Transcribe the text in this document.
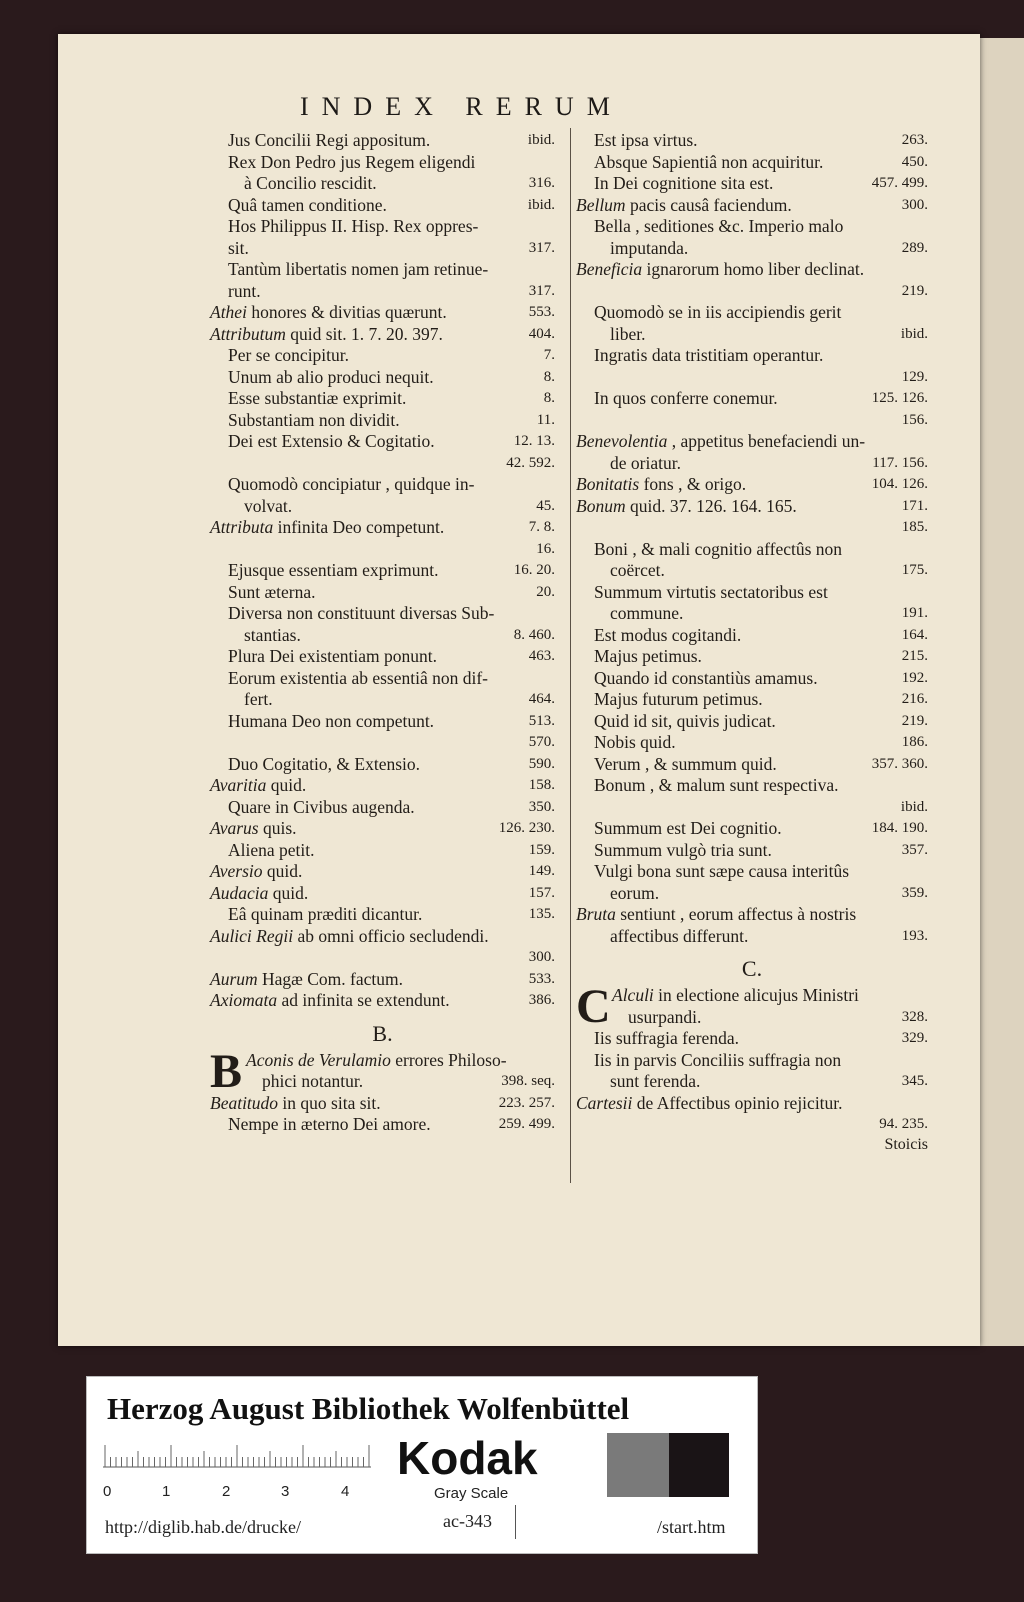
INDEX RERUM
Jus Concilii Regi appositum.	ibid.
Rex Don Pedro jus Regem eligendi
à Concilio rescidit.	316.
Quâ tamen conditione.	ibid.
Hos Philippus II. Hisp. Rex oppres-
sit.	317.
Tantùm libertatis nomen jam retinue-
runt.	317.
Athei honores & divitias quærunt.	553.
Attributum quid sit. 1. 7. 20. 397.	404.
Per se concipitur.	7.
Unum ab alio produci nequit.	8.
Esse substantiæ exprimit.	8.
Substantiam non dividit.	11.
Dei est Extensio & Cogitatio.	12. 13.
42. 592.
Quomodò concipiatur , quidque in-
volvat.	45.
Attributa infinita Deo competunt.	7. 8.
16.
Ejusque essentiam exprimunt.	16. 20.
Sunt æterna.	20.
Diversa non constituunt diversas Sub-
stantias.	8. 460.
Plura Dei existentiam ponunt.	463.
Eorum existentia ab essentiâ non dif-
fert.	464.
Humana Deo non competunt.	513.
570.
Duo Cogitatio, & Extensio.	590.
Avaritia quid.	158.
Quare in Civibus augenda.	350.
Avarus quis.	126. 230.
Aliena petit.	159.
Aversio quid.	149.
Audacia quid.	157.
Eâ quinam præditi dicantur.	135.
Aulici Regii ab omni officio secludendi.
300.
Aurum Hagæ Com. factum.	533.
Axiomata ad infinita se extendunt.	386.
B.
B Aconis de Verulamio errores Philoso-
phici notantur.	398. seq.
Beatitudo in quo sita sit.	223. 257.
Nempe in æterno Dei amore.	259. 499.
Est ipsa virtus.	263.
Absque Sapientiâ non acquiritur.	450.
In Dei cognitione sita est.	457. 499.
Bellum pacis causâ faciendum.	300.
Bella , seditiones &c. Imperio malo
imputanda.	289.
Beneficia ignarorum homo liber declinat.
219.
Quomodò se in iis accipiendis gerit
liber.	ibid.
Ingratis data tristitiam operantur.
129.
In quos conferre conemur.	125. 126.
156.
Benevolentia , appetitus benefaciendi un-
de oriatur.	117. 156.
Bonitatis fons , & origo.	104. 126.
Bonum quid. 37. 126. 164. 165.	171.
185.
Boni , & mali cognitio affectûs non
coërcet.	175.
Summum virtutis sectatoribus est
commune.	191.
Est modus cogitandi.	164.
Majus petimus.	215.
Quando id constantiùs amamus.	192.
Majus futurum petimus.	216.
Quid id sit, quivis judicat.	219.
Nobis quid.	186.
Verum , & summum quid.	357. 360.
Bonum , & malum sunt respectiva.
ibid.
Summum est Dei cognitio.	184. 190.
Summum vulgò tria sunt.	357.
Vulgi bona sunt sæpe causa interitûs
eorum.	359.
Bruta sentiunt , eorum affectus à nostris
affectibus differunt.	193.
C.
C Alculi in electione alicujus Ministri
usurpandi.	328.
Iis suffragia ferenda.	329.
Iis in parvis Conciliis suffragia non
sunt ferenda.	345.
Cartesii de Affectibus opinio rejicitur.
94. 235.
Stoicis
Herzog August Bibliothek Wolfenbüttel
0	1	2	3	4
Kodak
Gray Scale
http://diglib.hab.de/drucke/	ac-343	/start.htm
